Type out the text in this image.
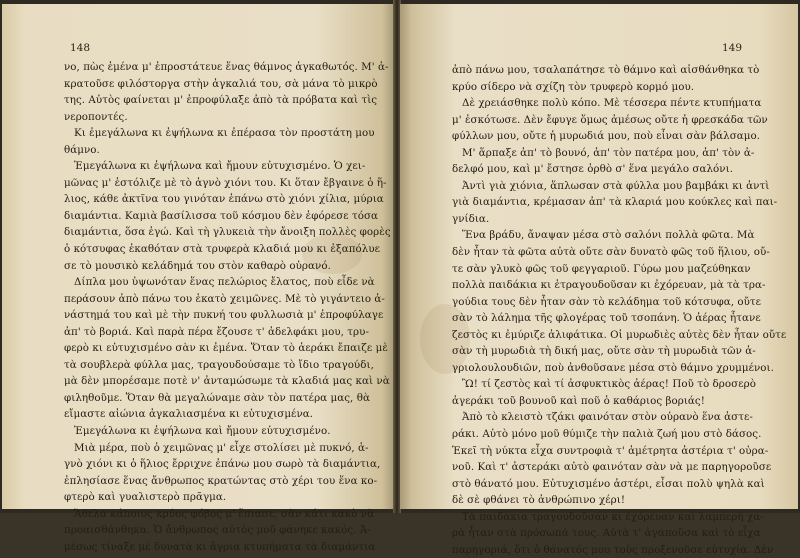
148
νο, πὼς ἐμένα μ' ἐπροστάτευε ἕνας θάμνος ἀγκαθωτός. Μ' ἀ-
κρατοῦσε φιλόστοργα στὴν ἀγκαλιά του, σὰ μάνα τὸ μικρὸ
της. Αὐτὸς φαίνεται μ' ἐπροφύλαξε ἀπὸ τὰ πρόβατα καὶ τὶς
νεροποντές.
Κι ἐμεγάλωνα κι ἐψήλωνα κι ἐπέρασα τὸν προστάτη μου
θάμνο.
Ἐμεγάλωνα κι ἐψήλωνα καὶ ἤμουν εὐτυχισμένο. Ὁ χει-
μῶνας μ' ἐστόλιζε μὲ τὸ ἁγνὸ χιόνι του. Κι ὅταν ἔβγαινε ὁ ἥ-
λιος, κάθε ἀκτῖνα του γινόταν ἐπάνω στὸ χιόνι χίλια, μύρια
διαμάντια. Καμιὰ βασίλισσα τοῦ κόσμου δὲν ἐφόρεσε τόσα
διαμάντια, ὅσα ἐγώ. Καὶ τὴ γλυκειὰ τὴν ἄνοιξη πολλὲς φορὲς
ὁ κότσυφας ἐκαθόταν στὰ τρυφερὰ κλαδιά μου κι ἐξαπόλυε
σε τὸ μουσικὸ κελάδημά του στὸν καθαρὸ οὐρανό.
Δίπλα μου ὑψωνόταν ἕνας πελώριος ἔλατος, ποὺ εἶδε νὰ
περάσουν ἀπὸ πάνω του ἑκατὸ χειμῶνες. Μὲ τὸ γιγάντειο ἀ-
νάστημά του καὶ μὲ τὴν πυκνή του φυλλωσιὰ μ' ἐπροφύλαγε
ἀπ' τὸ βοριά. Καὶ παρὰ πέρα ἔζουσε τ' ἀδελφάκι μου, τρυ-
φερὸ κι εὐτυχισμένο σὰν κι ἐμένα. Ὅταν τὸ ἀεράκι ἔπαιζε μὲ
τὰ σουβλερὰ φύλλα μας, τραγουδούσαμε τὸ ἴδιο τραγούδι,
μὰ δὲν μπορέσαμε ποτὲ ν' ἀνταμώσωμε τὰ κλαδιά μας καὶ νὰ
φιληθοῦμε. Ὅταν θὰ μεγαλώναμε σὰν τὸν πατέρα μας, θὰ
εἴμαστε αἰώνια ἀγκαλιασμένα κι εὐτυχισμένα.
Ἐμεγάλωνα κι ἐψήλωνα καὶ ἤμουν εὐτυχισμένο.
Μιὰ μέρα, ποὺ ὁ χειμῶνας μ' εἶχε στολίσει μὲ πυκνό, ἁ-
γνὸ χιόνι κι ὁ ἥλιος ἔρριχνε ἐπάνω μου σωρὸ τὰ διαμάντια,
ἐπλησίασε ἕνας ἄνθρωπος κρατώντας στὸ χέρι του ἕνα κο-
φτερὸ καὶ γυαλιστερὸ πρᾶγμα.
Ἄθελα κάποιος κρύος φόβος μ' ἔπιασε, σὰν κάτι κακὸ νὰ
προαισθάνθηκα. Ὁ ἄνθρωπος αὐτὸς μοῦ φάνηκε κακός. Ἀ-
μέσως τίναξε μὲ δυνατὰ κι ἄγρια κτυπήματα τὰ διαμάντια
149
ἀπὸ πάνω μου, τσαλαπάτησε τὸ θάμνο καὶ αἰσθάνθηκα τὸ
κρύο σίδερο νὰ σχίζη τὸν τρυφερὸ κορμό μου.
Δὲ χρειάσθηκε πολὺ κόπο. Μὲ τέσσερα πέντε κτυπήματα
μ' ἐσκότωσε. Δὲν ἔφυγε ὅμως ἀμέσως οὔτε ἡ φρεσκάδα τῶν
φύλλων μου, οὔτε ἡ μυρωδιά μου, ποὺ εἶναι σὰν βάλσαμο.
Μ' ἅρπαξε ἀπ' τὸ βουνό, ἀπ' τὸν πατέρα μου, ἀπ' τὸν ἀ-
δελφό μου, καὶ μ' ἔστησε ὀρθὸ σ' ἕνα μεγάλο σαλόνι.
Ἀντὶ γιὰ χιόνια, ἅπλωσαν στὰ φύλλα μου βαμβάκι κι ἀντὶ
γιὰ διαμάντια, κρέμασαν ἀπ' τὰ κλαριά μου κούκλες καὶ παι-
γνίδια.
Ἕνα βράδυ, ἄναψαν μέσα στὸ σαλόνι πολλὰ φῶτα. Μὰ
δὲν ἦταν τὰ φῶτα αὐτὰ οὔτε σὰν δυνατὸ φῶς τοῦ ἥλιου, οὔ-
τε σὰν γλυκὸ φῶς τοῦ φεγγαριοῦ. Γύρω μου μαζεύθηκαν
πολλὰ παιδάκια κι ἐτραγουδοῦσαν κι ἐχόρευαν, μὰ τὰ τρα-
γούδια τους δὲν ἦταν σὰν τὸ κελάδημα τοῦ κότσυφα, οὔτε
σὰν τὸ λάλημα τῆς φλογέρας τοῦ τσοπάνη. Ὁ ἀέρας ἦτανε
ζεστὸς κι ἐμύριζε ἀλιφάτικα. Οἱ μυρωδιὲς αὐτὲς δὲν ἦταν οὔτε
σὰν τὴ μυρωδιὰ τὴ δική μας, οὔτε σὰν τὴ μυρωδιὰ τῶν ἀ-
γριολουλουδιῶν, ποὺ ἀνθοῦσανε μέσα στὸ θάμνο χρυμμένοι.
Ὢ! τί ζεστὸς καὶ τί ἀσφυκτικὸς ἀέρας! Ποῦ τὸ δροσερὸ
ἀγεράκι τοῦ βουνοῦ καὶ ποῦ ὁ καθάριος βοριάς!
Ἀπὸ τὸ κλειστὸ τζάκι φαινόταν στὸν οὐρανὸ ἕνα ἀστε-
ράκι. Αὐτὸ μόνο μοῦ θύμιζε τὴν παλιὰ ζωή μου στὸ δάσος.
Ἐκεῖ τὴ νύκτα εἶχα συντροφιὰ τ' ἀμέτρητα ἀστέρια τ' οὐρα-
νοῦ. Καὶ τ' ἀστεράκι αὐτὸ φαινόταν σὰν νὰ με παρηγοροῦσε
στὸ θάνατό μου. Εὐτυχισμένο ἀστέρι, εἶσαι πολὺ ψηλὰ καὶ
δὲ σὲ φθάνει τὸ ἀνθρώπινο χέρι!
Τὰ παιδάκια τραγουδοῦσαν κι ἐχόρευαν καὶ λαμπερὴ χα-
ρὰ ἦταν στὰ πρόσωπά τους. Αὐτὰ τ' ἀγαποῦσα καὶ τὸ εἶχα
παρηγοριά, ὅτι ὁ θάνατός μου τοὺς προξενοῦσε εὐτυχία. Δὲν
